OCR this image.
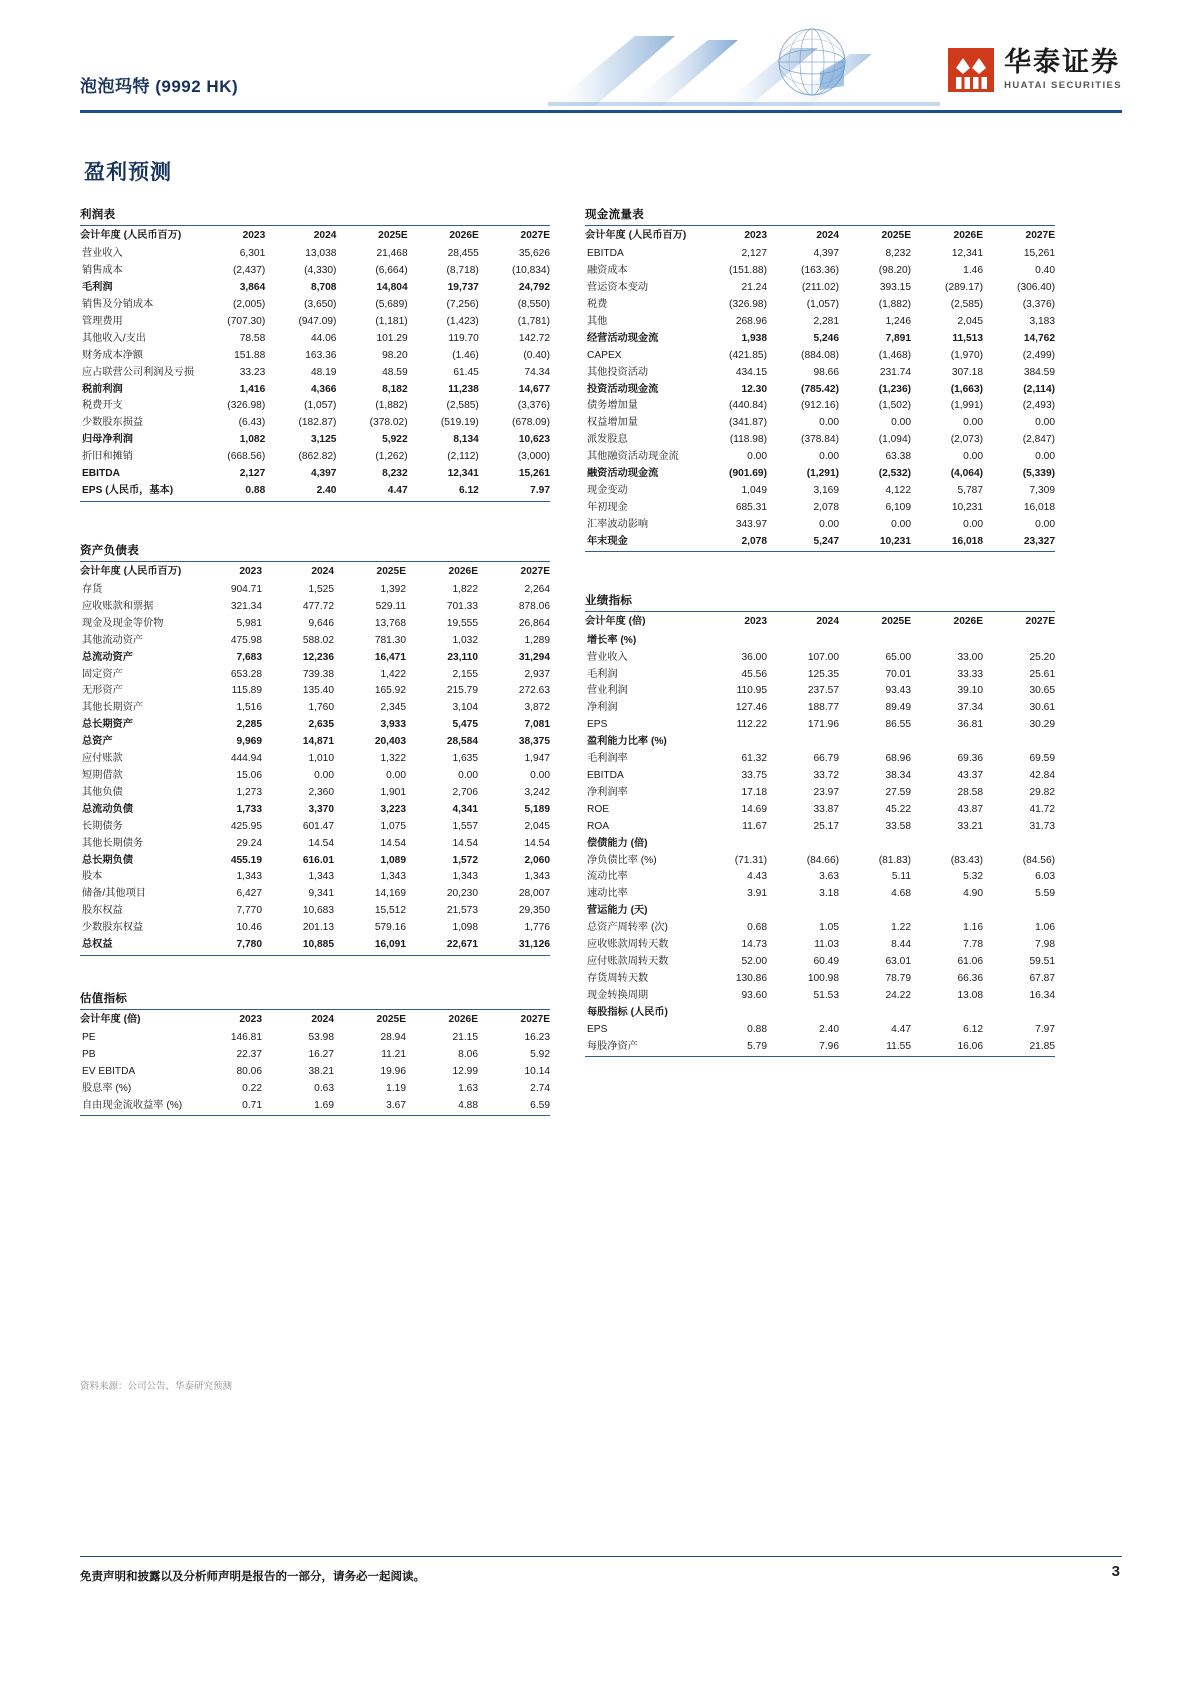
泡泡玛特 (9992 HK)
华泰证券
HUATAI SECURITIES
盈利预测
利润表
会计年度 (人民币百万)	2023	2024	2025E	2026E	2027E
营业收入	6,301	13,038	21,468	28,455	35,626
销售成本	(2,437)	(4,330)	(6,664)	(8,718)	(10,834)
毛利润	3,864	8,708	14,804	19,737	24,792
销售及分销成本	(2,005)	(3,650)	(5,689)	(7,256)	(8,550)
管理费用	(707.30)	(947.09)	(1,181)	(1,423)	(1,781)
其他收入/支出	78.58	44.06	101.29	119.70	142.72
财务成本净额	151.88	163.36	98.20	(1.46)	(0.40)
应占联营公司利润及亏损	33.23	48.19	48.59	61.45	74.34
税前利润	1,416	4,366	8,182	11,238	14,677
税费开支	(326.98)	(1,057)	(1,882)	(2,585)	(3,376)
少数股东损益	(6.43)	(182.87)	(378.02)	(519.19)	(678.09)
归母净利润	1,082	3,125	5,922	8,134	10,623
折旧和摊销	(668.56)	(862.82)	(1,262)	(2,112)	(3,000)
EBITDA	2,127	4,397	8,232	12,341	15,261
EPS (人民币，基本)	0.88	2.40	4.47	6.12	7.97
资产负债表
会计年度 (人民币百万)	2023	2024	2025E	2026E	2027E
存货	904.71	1,525	1,392	1,822	2,264
应收账款和票据	321.34	477.72	529.11	701.33	878.06
现金及现金等价物	5,981	9,646	13,768	19,555	26,864
其他流动资产	475.98	588.02	781.30	1,032	1,289
总流动资产	7,683	12,236	16,471	23,110	31,294
固定资产	653.28	739.38	1,422	2,155	2,937
无形资产	115.89	135.40	165.92	215.79	272.63
其他长期资产	1,516	1,760	2,345	3,104	3,872
总长期资产	2,285	2,635	3,933	5,475	7,081
总资产	9,969	14,871	20,403	28,584	38,375
应付账款	444.94	1,010	1,322	1,635	1,947
短期借款	15.06	0.00	0.00	0.00	0.00
其他负债	1,273	2,360	1,901	2,706	3,242
总流动负债	1,733	3,370	3,223	4,341	5,189
长期债务	425.95	601.47	1,075	1,557	2,045
其他长期债务	29.24	14.54	14.54	14.54	14.54
总长期负债	455.19	616.01	1,089	1,572	2,060
股本	1,343	1,343	1,343	1,343	1,343
储备/其他项目	6,427	9,341	14,169	20,230	28,007
股东权益	7,770	10,683	15,512	21,573	29,350
少数股东权益	10.46	201.13	579.16	1,098	1,776
总权益	7,780	10,885	16,091	22,671	31,126
估值指标
会计年度 (倍)	2023	2024	2025E	2026E	2027E
PE	146.81	53.98	28.94	21.15	16.23
PB	22.37	16.27	11.21	8.06	5.92
EV EBITDA	80.06	38.21	19.96	12.99	10.14
股息率 (%)	0.22	0.63	1.19	1.63	2.74
自由现金流收益率 (%)	0.71	1.69	3.67	4.88	6.59
现金流量表
会计年度 (人民币百万)	2023	2024	2025E	2026E	2027E
EBITDA	2,127	4,397	8,232	12,341	15,261
融资成本	(151.88)	(163.36)	(98.20)	1.46	0.40
营运资本变动	21.24	(211.02)	393.15	(289.17)	(306.40)
税费	(326.98)	(1,057)	(1,882)	(2,585)	(3,376)
其他	268.96	2,281	1,246	2,045	3,183
经营活动现金流	1,938	5,246	7,891	11,513	14,762
CAPEX	(421.85)	(884.08)	(1,468)	(1,970)	(2,499)
其他投资活动	434.15	98.66	231.74	307.18	384.59
投资活动现金流	12.30	(785.42)	(1,236)	(1,663)	(2,114)
债务增加量	(440.84)	(912.16)	(1,502)	(1,991)	(2,493)
权益增加量	(341.87)	0.00	0.00	0.00	0.00
派发股息	(118.98)	(378.84)	(1,094)	(2,073)	(2,847)
其他融资活动现金流	0.00	0.00	63.38	0.00	0.00
融资活动现金流	(901.69)	(1,291)	(2,532)	(4,064)	(5,339)
现金变动	1,049	3,169	4,122	5,787	7,309
年初现金	685.31	2,078	6,109	10,231	16,018
汇率波动影响	343.97	0.00	0.00	0.00	0.00
年末现金	2,078	5,247	10,231	16,018	23,327
业绩指标
会计年度 (倍)	2023	2024	2025E	2026E	2027E
增长率 (%)					
营业收入	36.00	107.00	65.00	33.00	25.20
毛利润	45.56	125.35	70.01	33.33	25.61
营业利润	110.95	237.57	93.43	39.10	30.65
净利润	127.46	188.77	89.49	37.34	30.61
EPS	112.22	171.96	86.55	36.81	30.29
盈利能力比率 (%)					
毛利润率	61.32	66.79	68.96	69.36	69.59
EBITDA	33.75	33.72	38.34	43.37	42.84
净利润率	17.18	23.97	27.59	28.58	29.82
ROE	14.69	33.87	45.22	43.87	41.72
ROA	11.67	25.17	33.58	33.21	31.73
偿债能力 (倍)					
净负债比率 (%)	(71.31)	(84.66)	(81.83)	(83.43)	(84.56)
流动比率	4.43	3.63	5.11	5.32	6.03
速动比率	3.91	3.18	4.68	4.90	5.59
营运能力 (天)					
总资产周转率 (次)	0.68	1.05	1.22	1.16	1.06
应收账款周转天数	14.73	11.03	8.44	7.78	7.98
应付账款周转天数	52.00	60.49	63.01	61.06	59.51
存货周转天数	130.86	100.98	78.79	66.36	67.87
现金转换周期	93.60	51.53	24.22	13.08	16.34
每股指标 (人民币)					
EPS	0.88	2.40	4.47	6.12	7.97
每股净资产	5.79	7.96	11.55	16.06	21.85
资料来源：公司公告、华泰研究预测
免责声明和披露以及分析师声明是报告的一部分，请务必一起阅读。	3
